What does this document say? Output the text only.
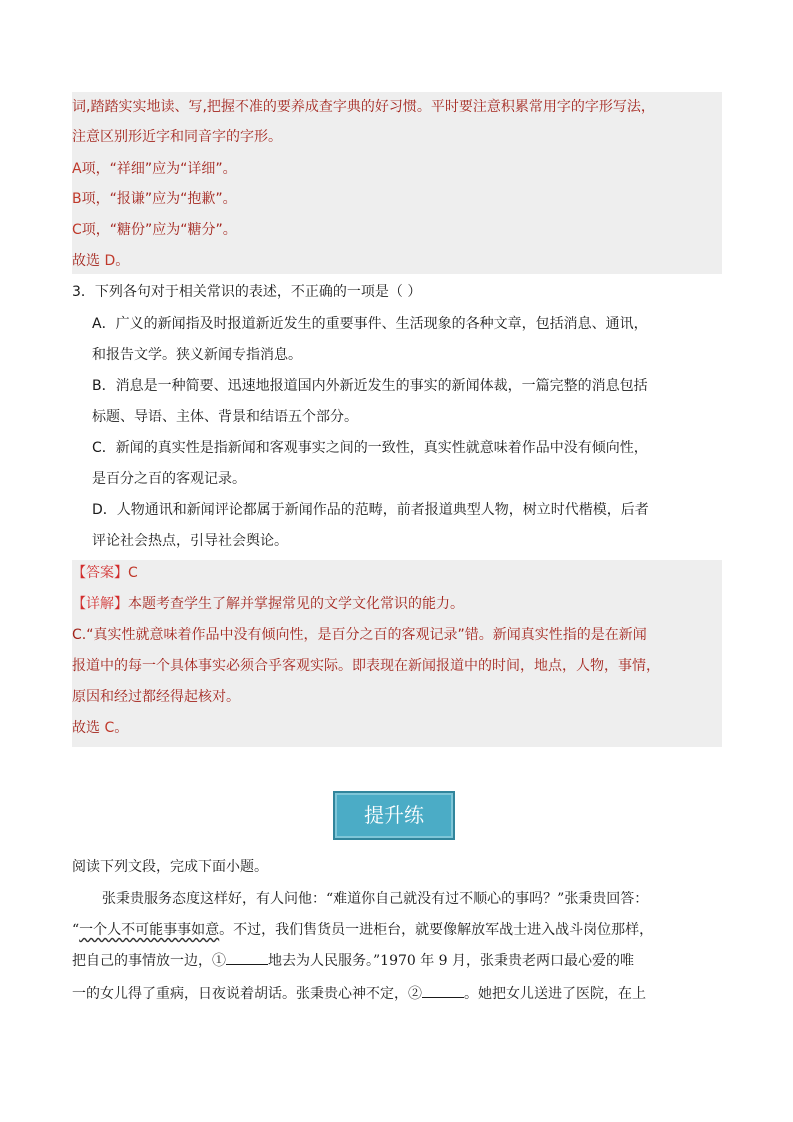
词,踏踏实实地读、写,把握不准的要养成查字典的好习惯。平时要注意积累常用字的字形写法，
注意区别形近字和同音字的字形。
A项，“祥细”应为“详细”。
B项，“报谦”应为“抱歉”。
C项，“糖份”应为“糖分”。
故选 D。
3．下列各句对于相关常识的表述，不正确的一项是（ ）
A．广义的新闻指及时报道新近发生的重要事件、生活现象的各种文章，包括消息、通讯，
和报告文学。狭义新闻专指消息。
B．消息是一种简要、迅速地报道国内外新近发生的事实的新闻体裁，一篇完整的消息包括
标题、导语、主体、背景和结语五个部分。
C．新闻的真实性是指新闻和客观事实之间的一致性，真实性就意味着作品中没有倾向性，
是百分之百的客观记录。
D．人物通讯和新闻评论都属于新闻作品的范畴，前者报道典型人物，树立时代楷模，后者
评论社会热点，引导社会舆论。
【答案】C
【详解】本题考查学生了解并掌握常见的文学文化常识的能力。
C.“真实性就意味着作品中没有倾向性，是百分之百的客观记录”错。新闻真实性指的是在新闻
报道中的每一个具体事实必须合乎客观实际。即表现在新闻报道中的时间，地点，人物，事情，
原因和经过都经得起核对。
故选 C。
提升练
阅读下列文段，完成下面小题。
张秉贵服务态度这样好，有人问他：“难道你自己就没有过不顺心的事吗？”张秉贵回答：
“一个人不可能事事如意。不过，我们售货员一进柜台，就要像解放军战士进入战斗岗位那样，
把自己的事情放一边，①	地去为人民服务。”1970 年 9 月，张秉贵老两口最心爱的唯
一的女儿得了重病，日夜说着胡话。张秉贵心神不定，②	。她把女儿送进了医院，在上
